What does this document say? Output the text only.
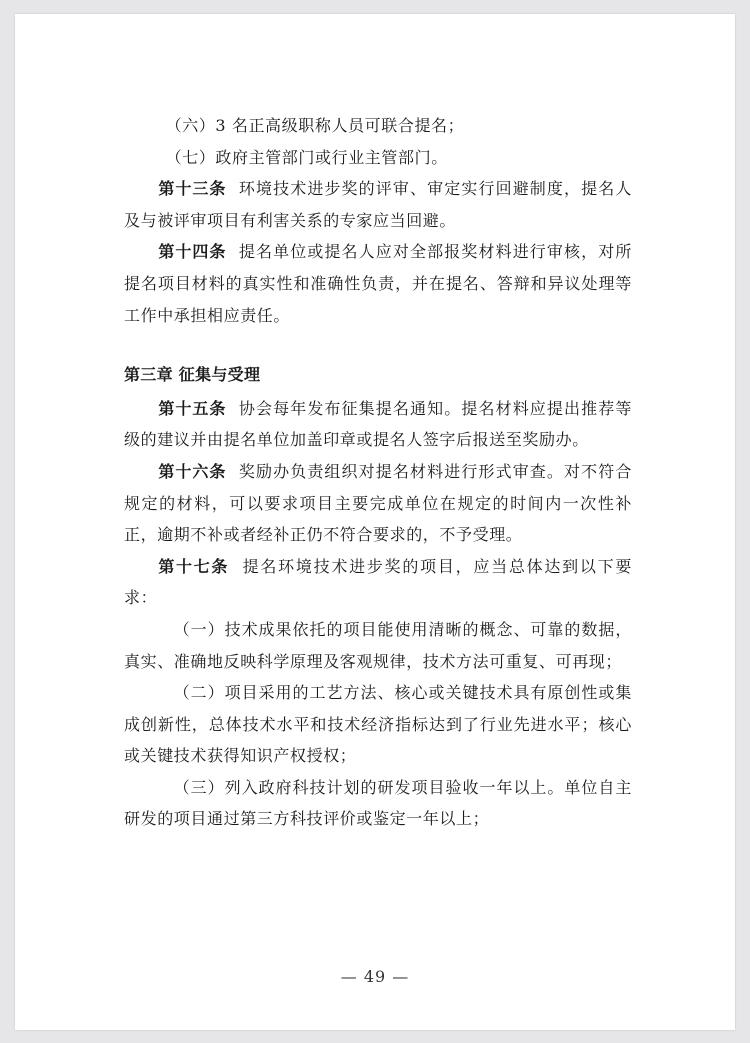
（六）3 名正高级职称人员可联合提名；

（七）政府主管部门或行业主管部门。

第十三条 环境技术进步奖的评审、审定实行回避制度，提名人及与被评审项目有利害关系的专家应当回避。

第十四条 提名单位或提名人应对全部报奖材料进行审核，对所提名项目材料的真实性和准确性负责，并在提名、答辩和异议处理等工作中承担相应责任。

第三章 征集与受理

第十五条 协会每年发布征集提名通知。提名材料应提出推荐等级的建议并由提名单位加盖印章或提名人签字后报送至奖励办。

第十六条 奖励办负责组织对提名材料进行形式审查。对不符合规定的材料，可以要求项目主要完成单位在规定的时间内一次性补正，逾期不补或者经补正仍不符合要求的，不予受理。

第十七条 提名环境技术进步奖的项目，应当总体达到以下要求：

（一）技术成果依托的项目能使用清晰的概念、可靠的数据，真实、准确地反映科学原理及客观规律，技术方法可重复、可再现；

（二）项目采用的工艺方法、核心或关键技术具有原创性或集成创新性，总体技术水平和技术经济指标达到了行业先进水平；核心或关键技术获得知识产权授权；

（三）列入政府科技计划的研发项目验收一年以上。单位自主研发的项目通过第三方科技评价或鉴定一年以上；

— 49 —
